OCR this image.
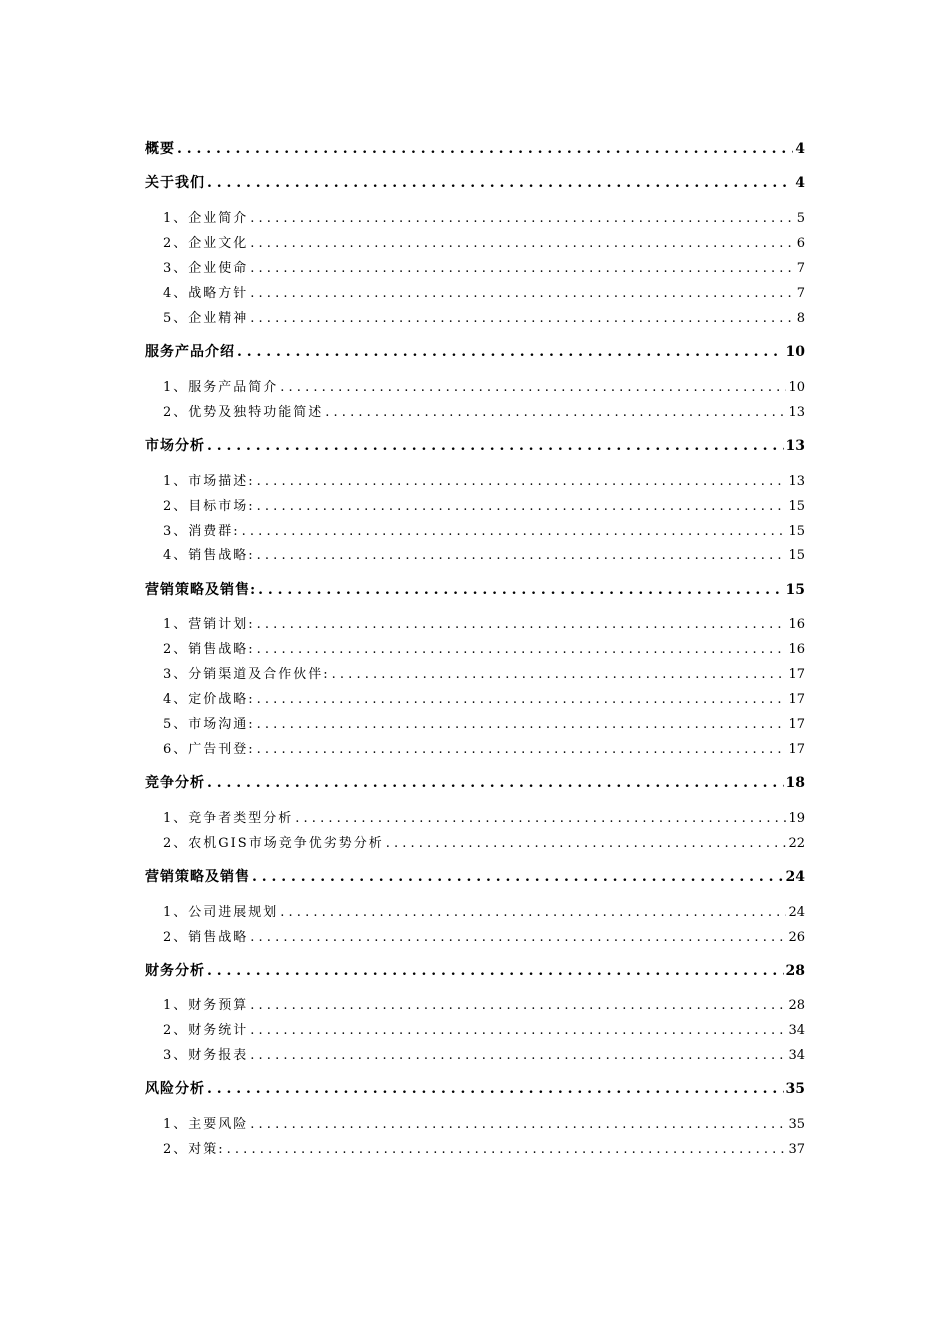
概要 . . .	4
关于我们 . . .	4
1、企业简介 . . .	5
2、企业文化 . . .	6
3、企业使命 . . .	7
4、战略方针 . . .	7
5、企业精神 . . .	8
服务产品介绍 . . .	10
1、服务产品简介 . . .	10
2、优势及独特功能简述 . . .	13
市场分析 . . .	13
1、市场描述: . . .	13
2、目标市场: . . .	15
3、消费群: . . .	15
4、销售战略: . . .	15
营销策略及销售: . . .	15
1、营销计划: . . .	16
2、销售战略: . . .	16
3、分销渠道及合作伙伴: . . .	17
4、定价战略: . . .	17
5、市场沟通: . . .	17
6、广告刊登: . . .	17
竞争分析 . . .	18
1、竞争者类型分析 . . .	19
2、农机GIS市场竞争优劣势分析 . . .	22
营销策略及销售 . . .	24
1、公司进展规划 . . .	24
2、销售战略 . . .	26
财务分析 . . .	28
1、财务预算 . . .	28
2、财务统计 . . .	34
3、财务报表 . . .	34
风险分析 . . .	35
1、主要风险 . . .	35
2、对策: . . .	37
